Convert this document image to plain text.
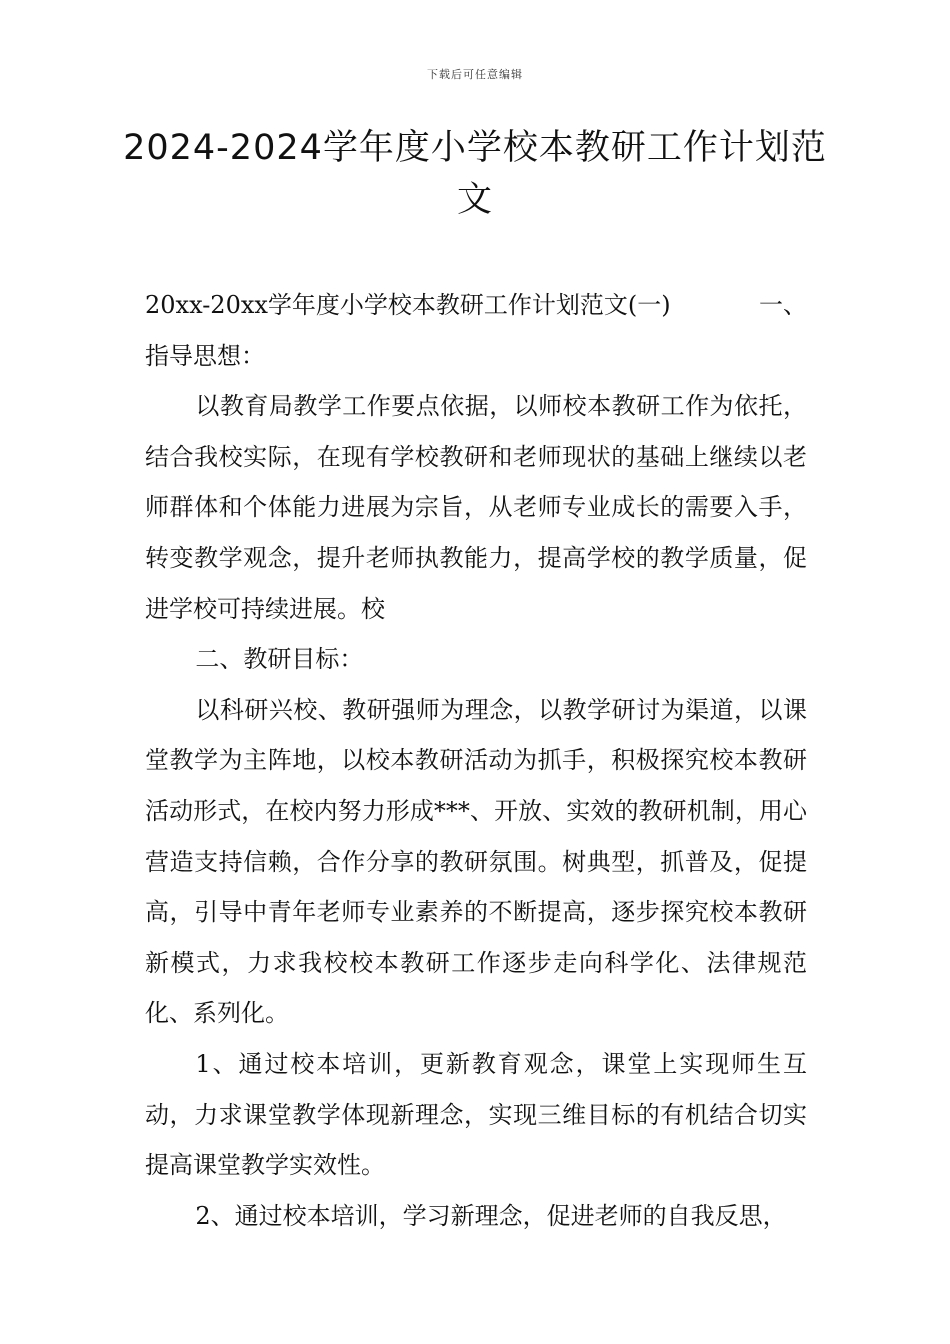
下载后可任意编辑
2024-2024学年度小学校本教研工作计划范文

20xx-20xx学年度小学校本教研工作计划范文(一)	一、

指导思想：

以教育局教学工作要点依据，以师校本教研工作为依托，结合我校实际，在现有学校教研和老师现状的基础上继续以老师群体和个体能力进展为宗旨，从老师专业成长的需要入手，转变教学观念，提升老师执教能力，提高学校的教学质量，促进学校可持续进展。校

二、教研目标：

以科研兴校、教研强师为理念，以教学研讨为渠道，以课堂教学为主阵地，以校本教研活动为抓手，积极探究校本教研活动形式，在校内努力形成***、开放、实效的教研机制，用心营造支持信赖，合作分享的教研氛围。树典型，抓普及，促提高，引导中青年老师专业素养的不断提高，逐步探究校本教研新模式，力求我校校本教研工作逐步走向科学化、法律规范化、系列化。

1、通过校本培训，更新教育观念，课堂上实现师生互动，力求课堂教学体现新理念，实现三维目标的有机结合切实提高课堂教学实效性。

2、通过校本培训，学习新理念，促进老师的自我反思，
